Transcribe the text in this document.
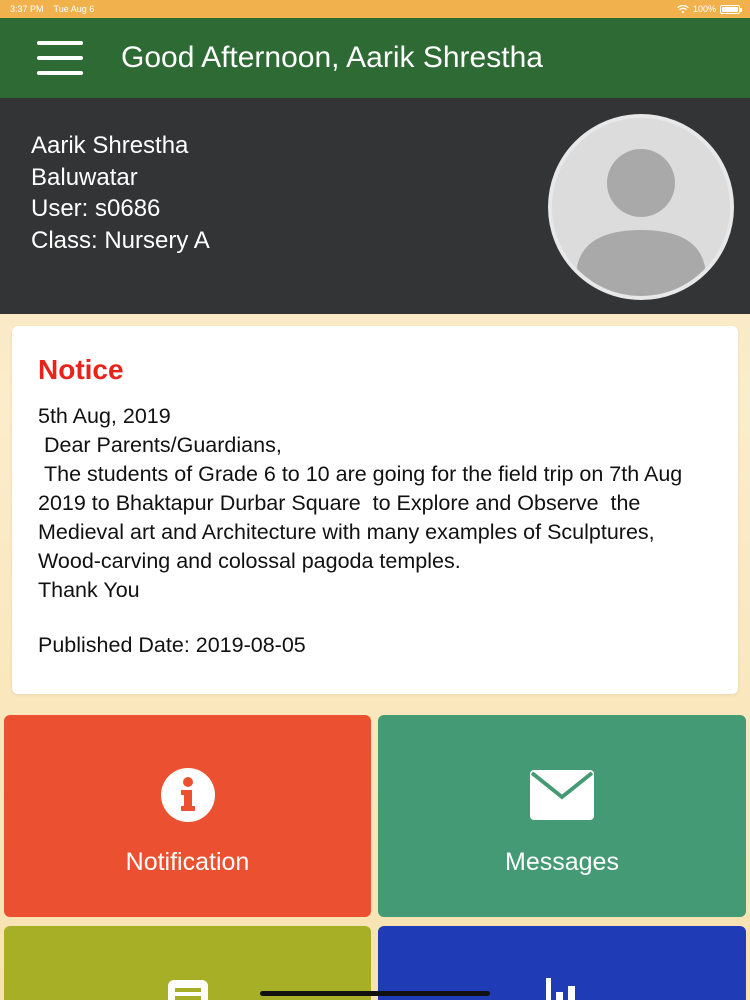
3:37 PM Tue Aug 6	100%
Good Afternoon, Aarik Shrestha
Aarik Shrestha
Baluwatar
User: s0686
Class: Nursery A
Notice
5th Aug, 2019
Dear Parents/Guardians,
The students of Grade 6 to 10 are going for the field trip on 7th Aug 2019 to Bhaktapur Durbar Square  to Explore and Observe  the Medieval art and Architecture with many examples of Sculptures, Wood-carving and colossal pagoda temples.
Thank You
Published Date: 2019-08-05
Notification	Messages
